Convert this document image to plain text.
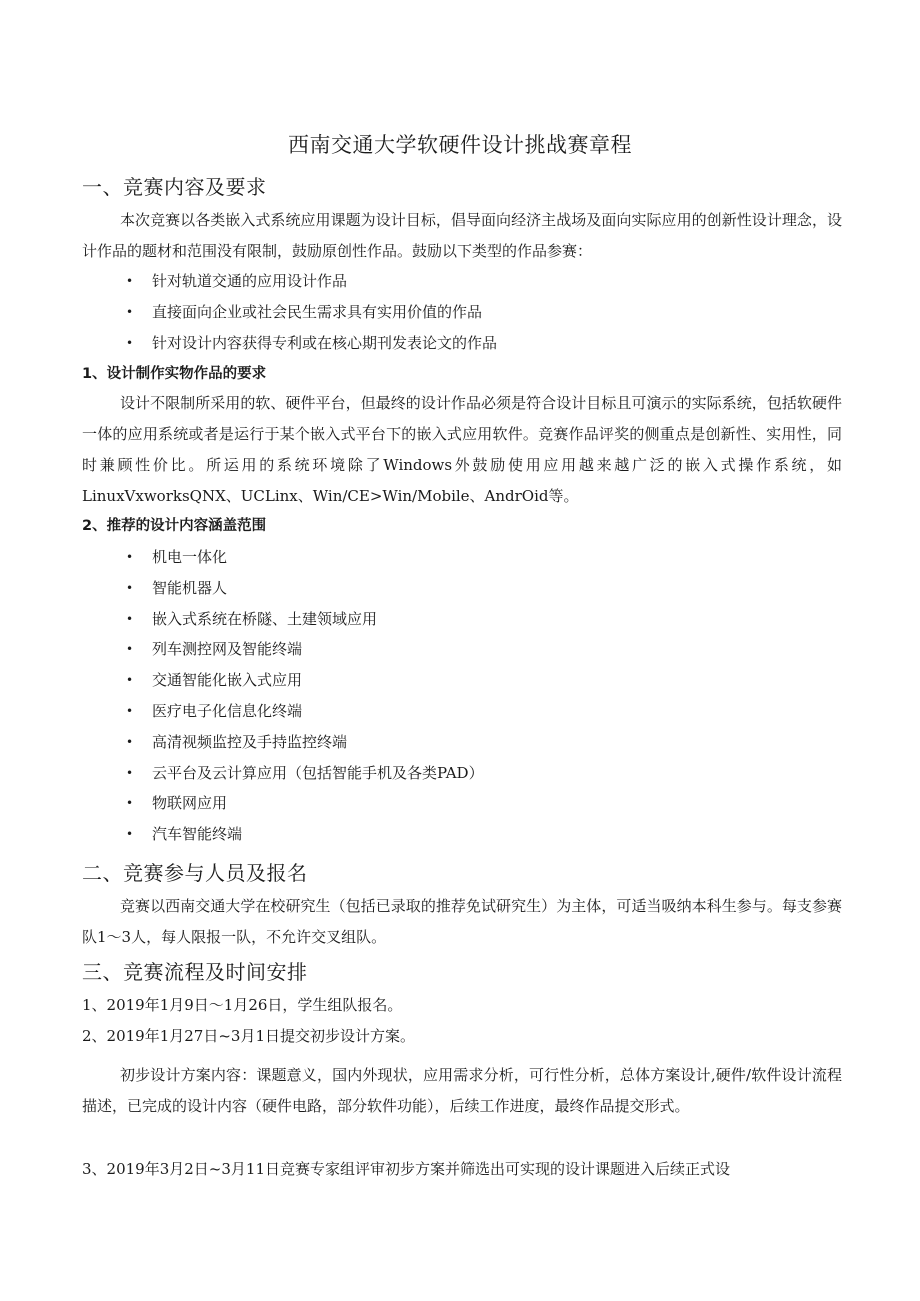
西南交通大学软硬件设计挑战赛章程
一、竞赛内容及要求

本次竞赛以各类嵌入式系统应用课题为设计目标，倡导面向经济主战场及面向实际应用的创新性设计理念，设计作品的题材和范围没有限制，鼓励原创性作品。鼓励以下类型的作品参赛：

• 针对轨道交通的应用设计作品
• 直接面向企业或社会民生需求具有实用价值的作品
• 针对设计内容获得专利或在核心期刊发表论文的作品
1、设计制作实物作品的要求

设计不限制所采用的软、硬件平台，但最终的设计作品必须是符合设计目标且可演示的实际系统，包括软硬件一体的应用系统或者是运行于某个嵌入式平台下的嵌入式应用软件。竞赛作品评奖的侧重点是创新性、实用性，同时兼顾性价比。所运用的系统环境除了Windows外鼓励使用应用越来越广泛的嵌入式操作系统，如LinuxVxworksQNX、UCLinx、Win∕CE>Win/Mobile、AndrOid等。

2、推荐的设计内容涵盖范围
• 机电一体化
• 智能机器人
• 嵌入式系统在桥隧、土建领域应用
• 列车测控网及智能终端
• 交通智能化嵌入式应用
• 医疗电子化信息化终端
• 高清视频监控及手持监控终端
• 云平台及云计算应用（包括智能手机及各类PAD）
• 物联网应用
• 汽车智能终端
二、竞赛参与人员及报名

竞赛以西南交通大学在校研究生（包括已录取的推荐免试研究生）为主体，可适当吸纳本科生参与。每支参赛队1～3人，每人限报一队，不允许交叉组队。

三、竞赛流程及时间安排

1、2019年1月9日～1月26日，学生组队报名。

2、2019年1月27日~3月1日提交初步设计方案。

初步设计方案内容：课题意义，国内外现状，应用需求分析，可行性分析，总体方案设计,硬件/软件设计流程描述，已完成的设计内容（硬件电路，部分软件功能），后续工作进度，最终作品提交形式。

3、2019年3月2日~3月11日竞赛专家组评审初步方案并筛选出可实现的设计课题进入后续正式设
